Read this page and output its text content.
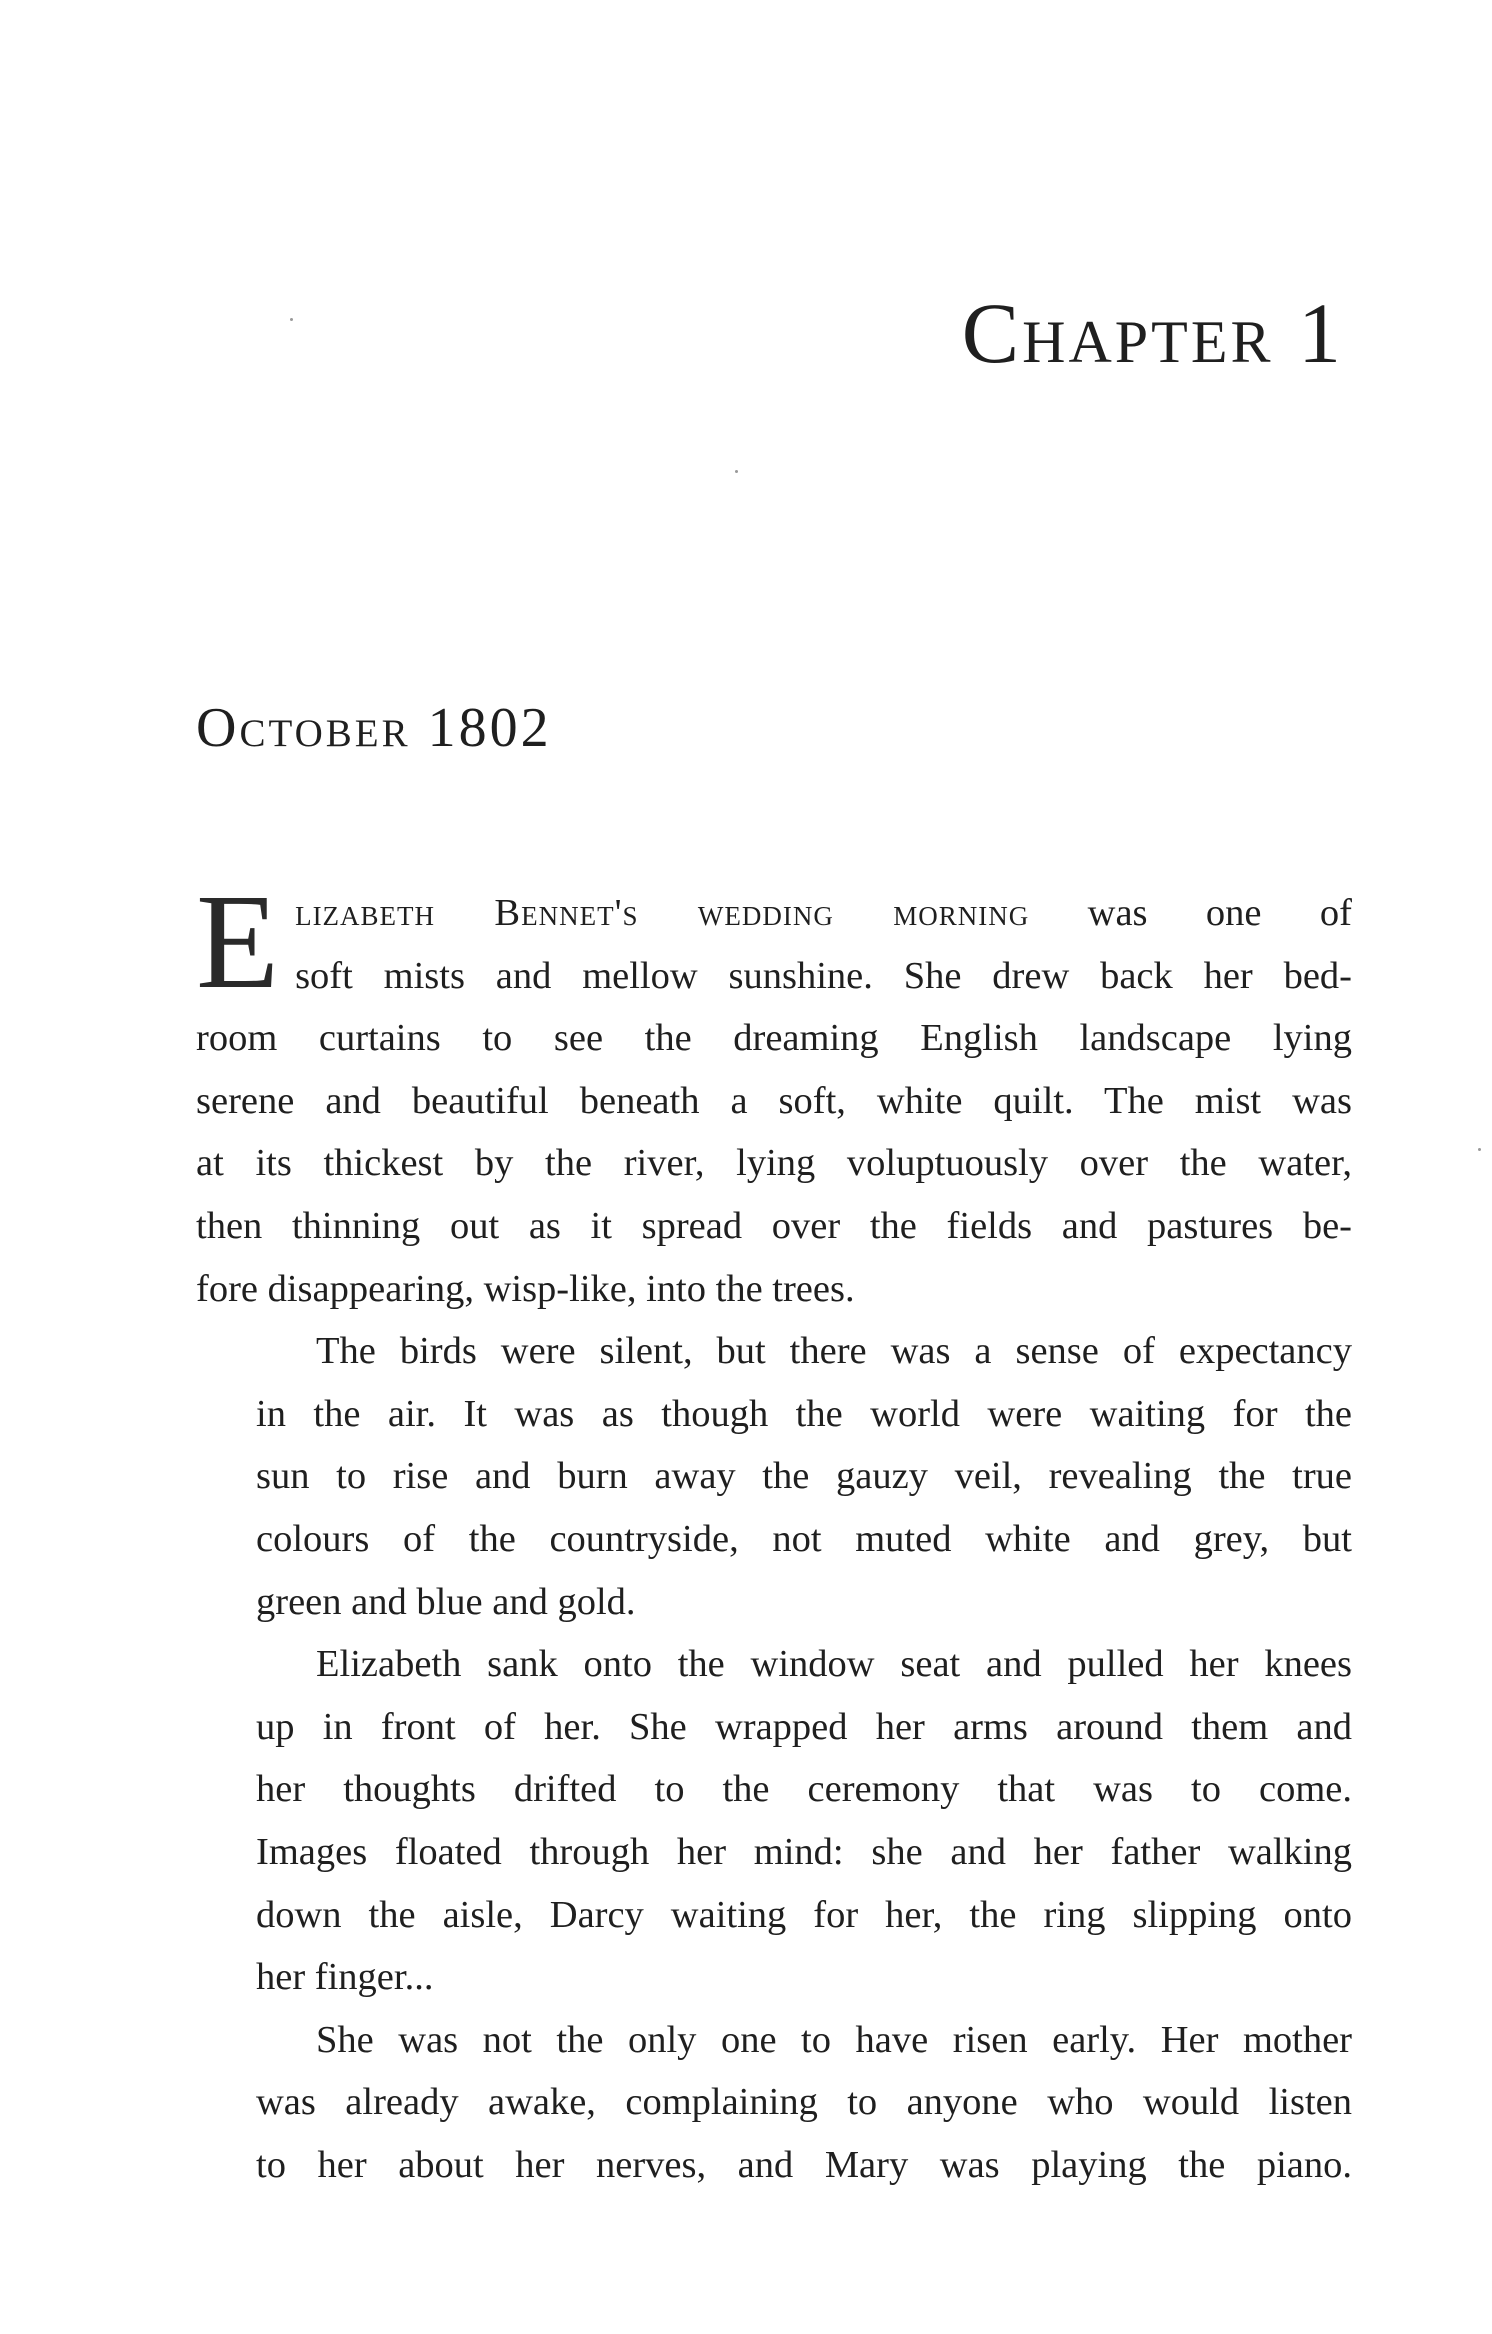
Chapter 1
October 1802
E lizabeth Bennet's wedding morning was one of
soft mists and mellow sunshine. She drew back her bed-
room curtains to see the dreaming English landscape lying
serene and beautiful beneath a soft, white quilt. The mist was
at its thickest by the river, lying voluptuously over the water,
then thinning out as it spread over the fields and pastures be-
fore disappearing, wisp-like, into the trees.
The birds were silent, but there was a sense of expectancy
in the air. It was as though the world were waiting for the
sun to rise and burn away the gauzy veil, revealing the true
colours of the countryside, not muted white and grey, but
green and blue and gold.
Elizabeth sank onto the window seat and pulled her knees
up in front of her. She wrapped her arms around them and
her thoughts drifted to the ceremony that was to come.
Images floated through her mind: she and her father walking
down the aisle, Darcy waiting for her, the ring slipping onto
her finger...
She was not the only one to have risen early. Her mother
was already awake, complaining to anyone who would listen
to her about her nerves, and Mary was playing the piano.
